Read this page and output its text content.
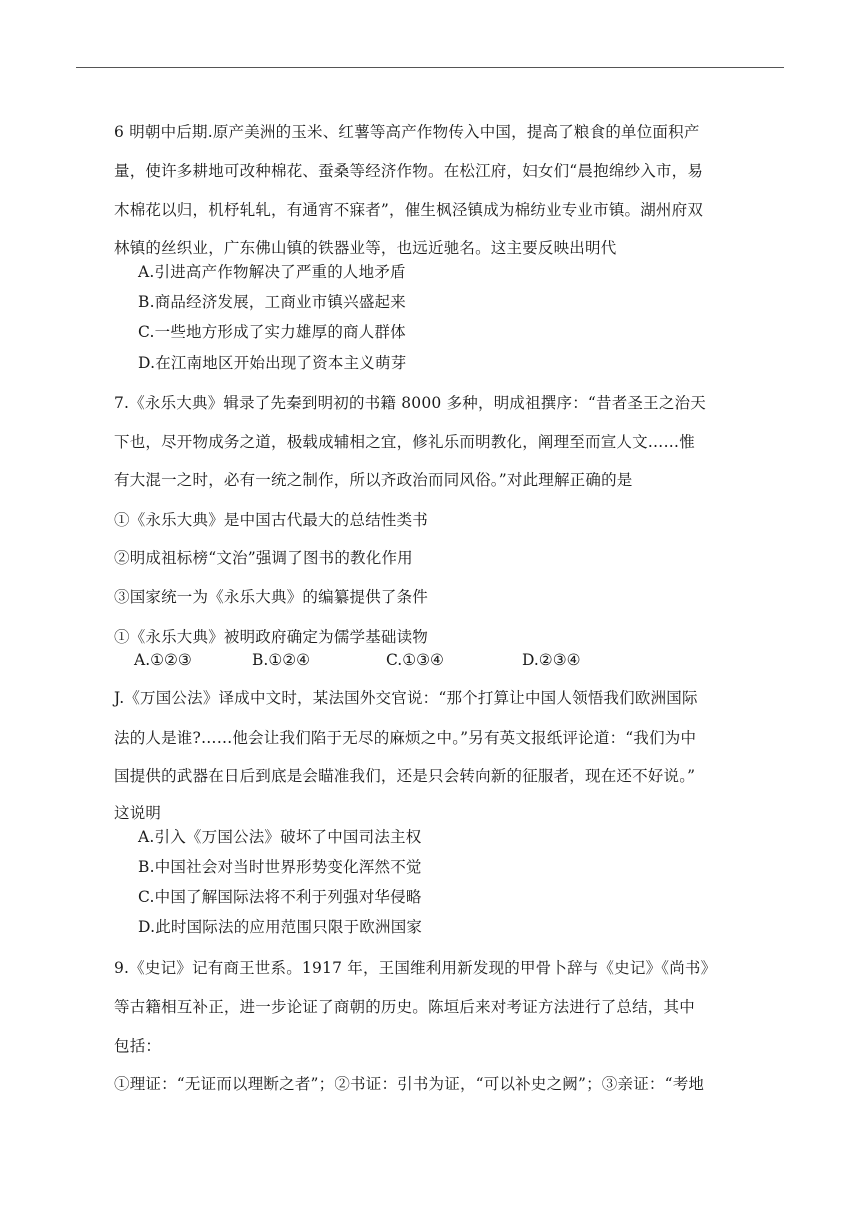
6 明朝中后期.原产美洲的玉米、红薯等高产作物传入中国，提高了粮食的单位面积产
量，使许多耕地可改种棉花、蚕桑等经济作物。在松江府，妇女们“晨抱绵纱入市，易
木棉花以归，机杼轧轧，有通宵不寐者”，催生枫泾镇成为棉纺业专业市镇。湖州府双
林镇的丝织业，广东佛山镇的铁器业等，也远近驰名。这主要反映出明代
A.引进高产作物解决了严重的人地矛盾
B.商品经济发展，工商业市镇兴盛起来
C.一些地方形成了实力雄厚的商人群体
D.在江南地区开始出现了资本主义萌芽
7.《永乐大典》辑录了先秦到明初的书籍 8000 多种，明成祖撰序：“昔者圣王之治天
下也，尽开物成务之道，极载成辅相之宜，修礼乐而明教化，阐理至而宣人文……惟
有大混一之时，必有一统之制作，所以齐政治而同风俗。”对此理解正确的是
①《永乐大典》是中国古代最大的总结性类书
②明成祖标榜“文治”强调了图书的教化作用
③国家统一为《永乐大典》的编纂提供了条件
①《永乐大典》被明政府确定为儒学基础读物
A.①②③	B.①②④	C.①③④	D.②③④
J.《万国公法》译成中文时，某法国外交官说：“那个打算让中国人领悟我们欧洲国际
法的人是谁?……他会让我们陷于无尽的麻烦之中。”另有英文报纸评论道：“我们为中
国提供的武器在日后到底是会瞄准我们，还是只会转向新的征服者，现在还不好说。”
这说明
A.引入《万国公法》破坏了中国司法主权
B.中国社会对当时世界形势变化浑然不觉
C.中国了解国际法将不利于列强对华侵略
D.此时国际法的应用范围只限于欧洲国家
9.《史记》记有商王世系。1917 年，王国维利用新发现的甲骨卜辞与《史记》《尚书》
等古籍相互补正，进一步论证了商朝的历史。陈垣后来对考证方法进行了总结，其中
包括：
①理证：“无证而以理断之者”；②书证：引书为证，“可以补史之阙”；③亲证：“考地
